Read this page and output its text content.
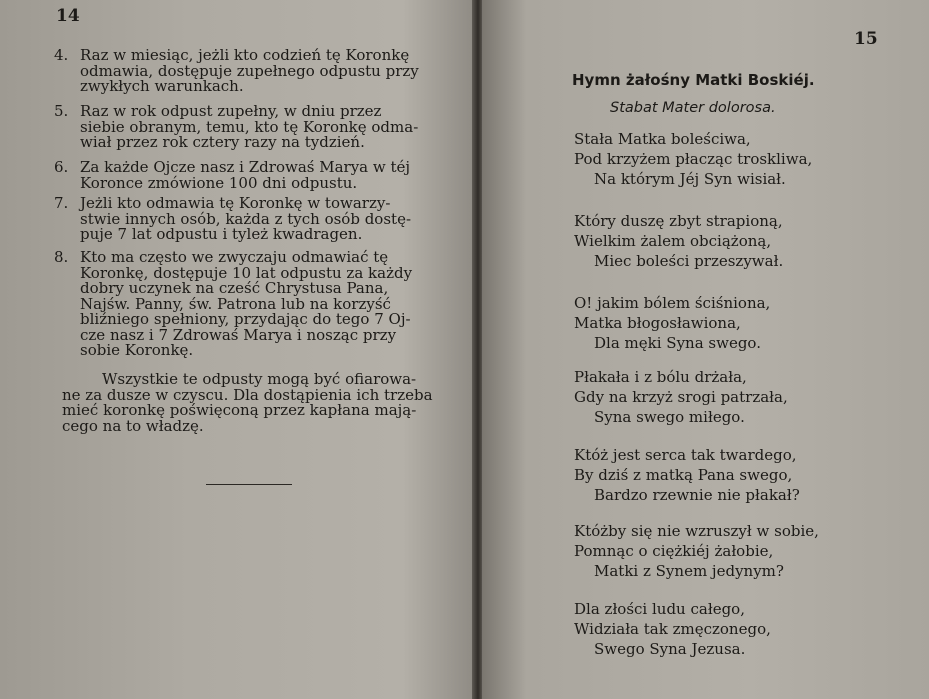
14
4. Raz w miesiąc, jeżli kto codzień tę Koronkę
odmawia, dostępuje zupełnego odpustu przy
zwykłych warunkach.
5. Raz w rok odpust zupełny, w dniu przez
siebie obranym, temu, kto tę Koronkę odma-
wiał przez rok cztery razy na tydzień.
6. Za każde Ojcze nasz i Zdrowaś Marya w téj
Koronce zmówione 100 dni odpustu.
7. Jeżli kto odmawia tę Koronkę w towarzy-
stwie innych osób, każda z tych osób dostę-
puje 7 lat odpustu i tyleż kwadragen.
8. Kto ma często we zwyczaju odmawiać tę
Koronkę, dostępuje 10 lat odpustu za każdy
dobry uczynek na cześć Chrystusa Pana,
Najśw. Panny, św. Patrona lub na korzyść
bliźniego spełniony, przydając do tego 7 Oj-
cze nasz i 7 Zdrowaś Marya i nosząc przy
sobie Koronkę.
Wszystkie te odpusty mogą być ofiarowa-
ne za dusze w czyscu. Dla dostąpienia ich trzeba
mieć koronkę poświęconą przez kapłana mają-
cego na to władzę.
15
Hymn żałośny Matki Boskiéj.
Stabat Mater dolorosa.
Stała Matka boleściwa,
Pod krzyżem płacząc troskliwa,
Na którym Jéj Syn wisiał.
Który duszę zbyt strapioną,
Wielkim żalem obciążoną,
Miec boleści przeszywał.
O! jakim bólem ściśniona,
Matka błogosławiona,
Dla męki Syna swego.
Płakała i z bólu drżała,
Gdy na krzyż srogi patrzała,
Syna swego miłego.
Któż jest serca tak twardego,
By dziś z matką Pana swego,
Bardzo rzewnie nie płakał?
Któżby się nie wzruszył w sobie,
Pomnąc o ciężkiéj żałobie,
Matki z Synem jedynym?
Dla złości ludu całego,
Widziała tak zmęczonego,
Swego Syna Jezusa.
